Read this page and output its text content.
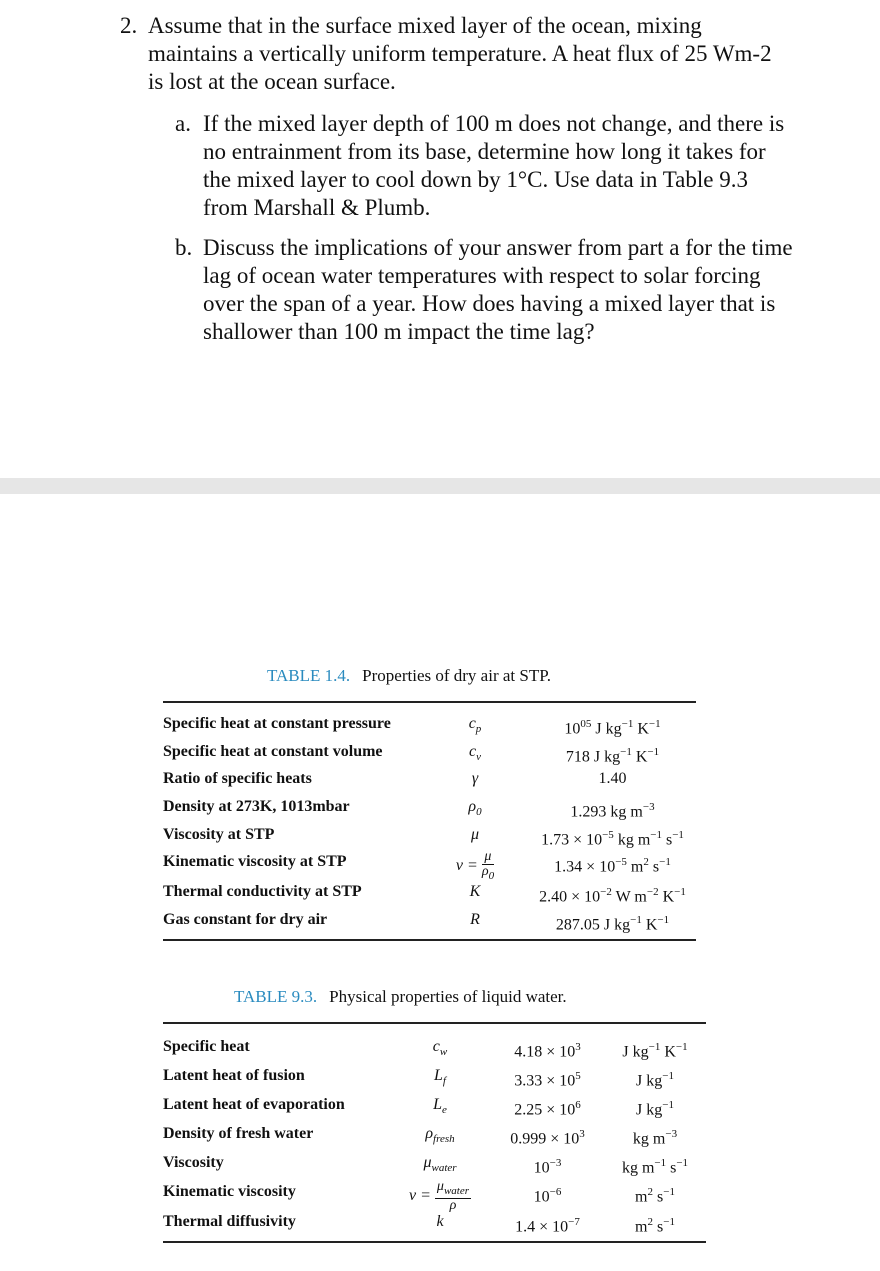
2. Assume that in the surface mixed layer of the ocean, mixing maintains a vertically uniform temperature. A heat flux of 25 Wm-2 is lost at the ocean surface.
a. If the mixed layer depth of 100 m does not change, and there is no entrainment from its base, determine how long it takes for the mixed layer to cool down by 1°C. Use data in Table 9.3 from Marshall & Plumb.
b. Discuss the implications of your answer from part a for the time lag of ocean water temperatures with respect to solar forcing over the span of a year. How does having a mixed layer that is shallower than 100 m impact the time lag?
TABLE 1.4. Properties of dry air at STP.
Specific heat at constant pressure	$c_p$	$10^{05}$ J $kg^{-1}$ $K^{-1}$
Specific heat at constant volume	$c_v$	718 J $kg^{-1}$ $K^{-1}$
Ratio of specific heats	γ	1.40
Density at 273K, 1013mbar	$\rho_0$	1.293 kg $m^{-3}$
Viscosity at STP	μ	$1.73 \times 10^{-5}$ kg $m^{-1}$ $s^{-1}$
Kinematic viscosity at STP	$\nu = \frac{\mu}{\rho_0}$	$1.34 \times 10^{-5}$ $m^2$ $s^{-1}$
Thermal conductivity at STP	K	$2.40 \times 10^{-2}$ W $m^{-2}$ $K^{-1}$
Gas constant for dry air	R	287.05 J $kg^{-1}$ $K^{-1}$
TABLE 9.3. Physical properties of liquid water.
Specific heat	$c_w$	$4.18 \times 10^3$	J $kg^{-1}$ $K^{-1}$
Latent heat of fusion	$L_f$	$3.33 \times 10^5$	J $kg^{-1}$
Latent heat of evaporation	$L_e$	$2.25 \times 10^6$	J $kg^{-1}$
Density of fresh water	$\rho_{fresh}$	$0.999 \times 10^3$	kg $m^{-3}$
Viscosity	$\mu_{water}$	$10^{-3}$	kg $m^{-1}$ $s^{-1}$
Kinematic viscosity	$\nu = \frac{\mu_{water}}{\rho}$	$10^{-6}$	$m^2$ $s^{-1}$
Thermal diffusivity	k	$1.4 \times 10^{-7}$	$m^2$ $s^{-1}$
